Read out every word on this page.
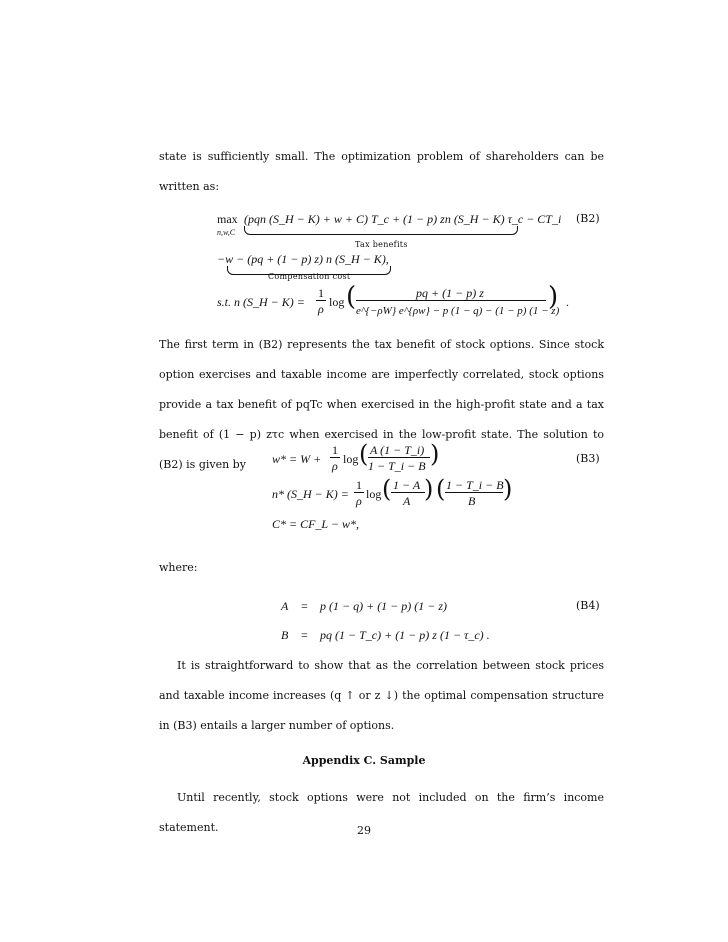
state is sufficiently small. The optimization problem of shareholders can be written as:

max
n,w,C
(pqn (S_H − K) + w + C) T_c + (1 − p) zn (S_H − K) τ_c − CT_i
Tax benefits
(B2)
−w − (pq + (1 − p) z) n (S_H − K),
Compensation cost
s.t. n (S_H − K) =
1
ρ log (	pq + (1 − p) z
e^{−ρW} e^{ρw} − p (1 − q) − (1 − p) (1 − z)
) .

The first term in (B2) represents the tax benefit of stock options. Since stock option exercises and taxable income are imperfectly correlated, stock options provide a tax benefit of pqTc when exercised in the high-profit state and a tax benefit of (1 − p) zτc when exercised in the low-profit state. The solution to (B2) is given by	w* = W +
1
ρ log ( A (1 − T_i)
1 − T_i − B )	(B3)
n* (S_H − K) =
1
ρ log ( 1 − A
A ) ( 1 − T_i − B
B )
C* = CF_L − w*,

where:

A = p (1 − q) + (1 − p) (1 − z)	(B4)
B = pq (1 − T_c) + (1 − p) z (1 − τ_c) .

It is straightforward to show that as the correlation between stock prices and taxable income increases (q ↑ or z ↓) the optimal compensation structure in (B3) entails a larger number of options.

Appendix C. Sample

Until recently, stock options were not included on the firm’s income statement.	29
